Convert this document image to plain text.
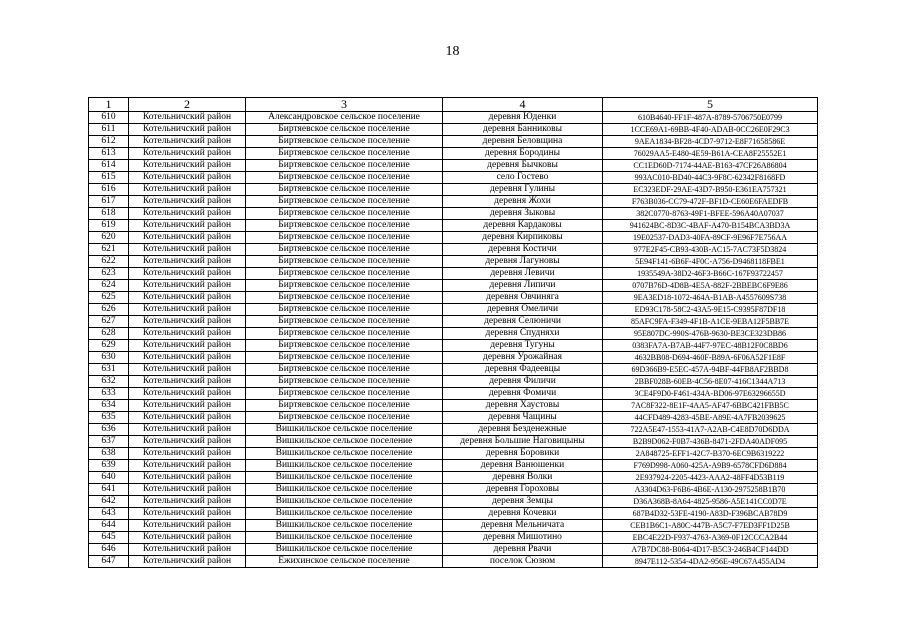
18
1	2	3	4	5
610	Котельничский район	Александровское сельское поселение	деревня Юденки	610B4640-FF1F-487A-8789-5706750E0799
611	Котельничский район	Биртяевское сельское поселение	деревня Банниковы	1CCE69A1-69BB-4F40-ADAB-0CC26E0F29C3
612	Котельничский район	Биртяевское сельское поселение	деревня Беловщина	9AEA1834-BF28-4CD7-9712-E8F71658586E
613	Котельничский район	Биртяевское сельское поселение	деревня Бородины	76029AA5-E480-4E59-B61A-CEA8F25552E1
614	Котельничский район	Биртяевское сельское поселение	деревня Бычковы	CC1ED60D-7174-44AE-B163-47CF26A86804
615	Котельничский район	Биртяевское сельское поселение	село Гостево	993AC010-BD40-44C3-9F8C-62342F8168FD
616	Котельничский район	Биртяевское сельское поселение	деревня Гулины	EC323EDF-29AE-43D7-B950-E361EA757321
617	Котельничский район	Биртяевское сельское поселение	деревня Жохи	F763B036-CC79-472F-BF1D-CE60E6FAEDFB
618	Котельничский район	Биртяевское сельское поселение	деревня Зыковы	382C0770-8763-49F1-BFEE-596A40A07037
619	Котельничский район	Биртяевское сельское поселение	деревня Кардаковы	941624BC-8D3C-4BAF-A470-B154BCA3BD3A
620	Котельничский район	Биртяевское сельское поселение	деревня Кирпиковы	19E02537-DAD3-40FA-89CF-9E96F7E756AA
621	Котельничский район	Биртяевское сельское поселение	деревня Костичи	977E2F45-CB93-430B-AC15-7AC73F5D3824
622	Котельничский район	Биртяевское сельское поселение	деревня Лагуновы	5E94F141-6B6F-4F0C-A756-D9468118FBE1
623	Котельничский район	Биртяевское сельское поселение	деревня Левичи	1935549A-38D2-46F3-B66C-167F93722457
624	Котельничский район	Биртяевское сельское поселение	деревня Липичи	0707B76D-4D8B-4E5A-882F-2BBEBC6F9E86
625	Котельничский район	Биртяевское сельское поселение	деревня Овчиняга	9EA3ED18-1072-464A-B1AB-A4557609S738
626	Котельничский район	Биртяевское сельское поселение	деревня Омеличи	ED93C178-58C2-43A5-9E15-C9395F87DF18
627	Котельничский район	Биртяевское сельское поселение	деревня Селюничи	85AFC9FA-F349-4F1B-A1CE-9EBA12F5BB7E
628	Котельничский район	Биртяевское сельское поселение	деревня Спудняхи	95E807DC-990S-476B-9630-BE3CE323DB86
629	Котельничский район	Биртяевское сельское поселение	деревня Тугуны	0383FA7A-B7AB-44F7-97EC-48B12F0C8BD6
630	Котельничский район	Биртяевское сельское поселение	деревня Урожайная	4632BB08-D694-460F-B89A-6F06A52F1E8F
631	Котельничский район	Биртяевское сельское поселение	деревня Фадеевцы	69D366B9-E5EC-457A-94BF-44FB8AF2BBD8
632	Котельничский район	Биртяевское сельское поселение	деревня Филичи	2BBF028B-60EB-4C56-8E07-416C1344A713
633	Котельничский район	Биртяевское сельское поселение	деревня Фомичи	3CE4F9D0-F461-434A-BD06-97E63296655D
634	Котельничский район	Биртяевское сельское поселение	деревня Хаустовы	7AC8F322-8E1F-4AA5-AF47-6BBC421FBB5C
635	Котельничский район	Биртяевское сельское поселение	деревня Чащины	44CFD489-4283-45BE-A89E-4A7FB2039625
636	Котельничский район	Вишкильское сельское поселение	деревня Безденежные	722A5E47-1553-41A7-A2AB-C4E8D70D6DDA
637	Котельничский район	Вишкильское сельское поселение	деревня Большие Наговицыны	B2B9D062-F0B7-436B-8471-2FDA40ADF095
638	Котельничский район	Вишкильское сельское поселение	деревня Боровики	2A848725-EFF1-42C7-B370-6EC9B6319222
639	Котельничский район	Вишкильское сельское поселение	деревня Ванюшенки	F769D998-A060-425A-A9B9-6578CFD6D884
640	Котельничский район	Вишкильское сельское поселение	деревня Волки	2E937924-2205-4423-AAA2-48FF4D53B119
641	Котельничский район	Вишкильское сельское поселение	деревня Гороховы	A3304D63-F6B6-4B6E-A130-2975258B1B70
642	Котельничский район	Вишкильское сельское поселение	деревня Земцы	D36A368B-8A64-4825-9586-A5E141CC0D7E
643	Котельничский район	Вишкильское сельское поселение	деревня Кочевки	687B4D32-53FE-4190-A83D-F396BCAB78D9
644	Котельничский район	Вишкильское сельское поселение	деревня Мельничата	CEB1B6C1-A80C-447B-A5C7-F7ED3FF1D25B
645	Котельничский район	Вишкильское сельское поселение	деревня Мишотино	EBC4E22D-F937-4763-A369-0F12CCCA2B44
646	Котельничский район	Вишкильское сельское поселение	деревня Рвачи	A7B7DC88-B064-4D17-B5C3-246B4CF144DD
647	Котельничский район	Ежихинское сельское поселение	поселок Сюзюм	8947E112-5354-4DA2-956E-49C67A455AD4
